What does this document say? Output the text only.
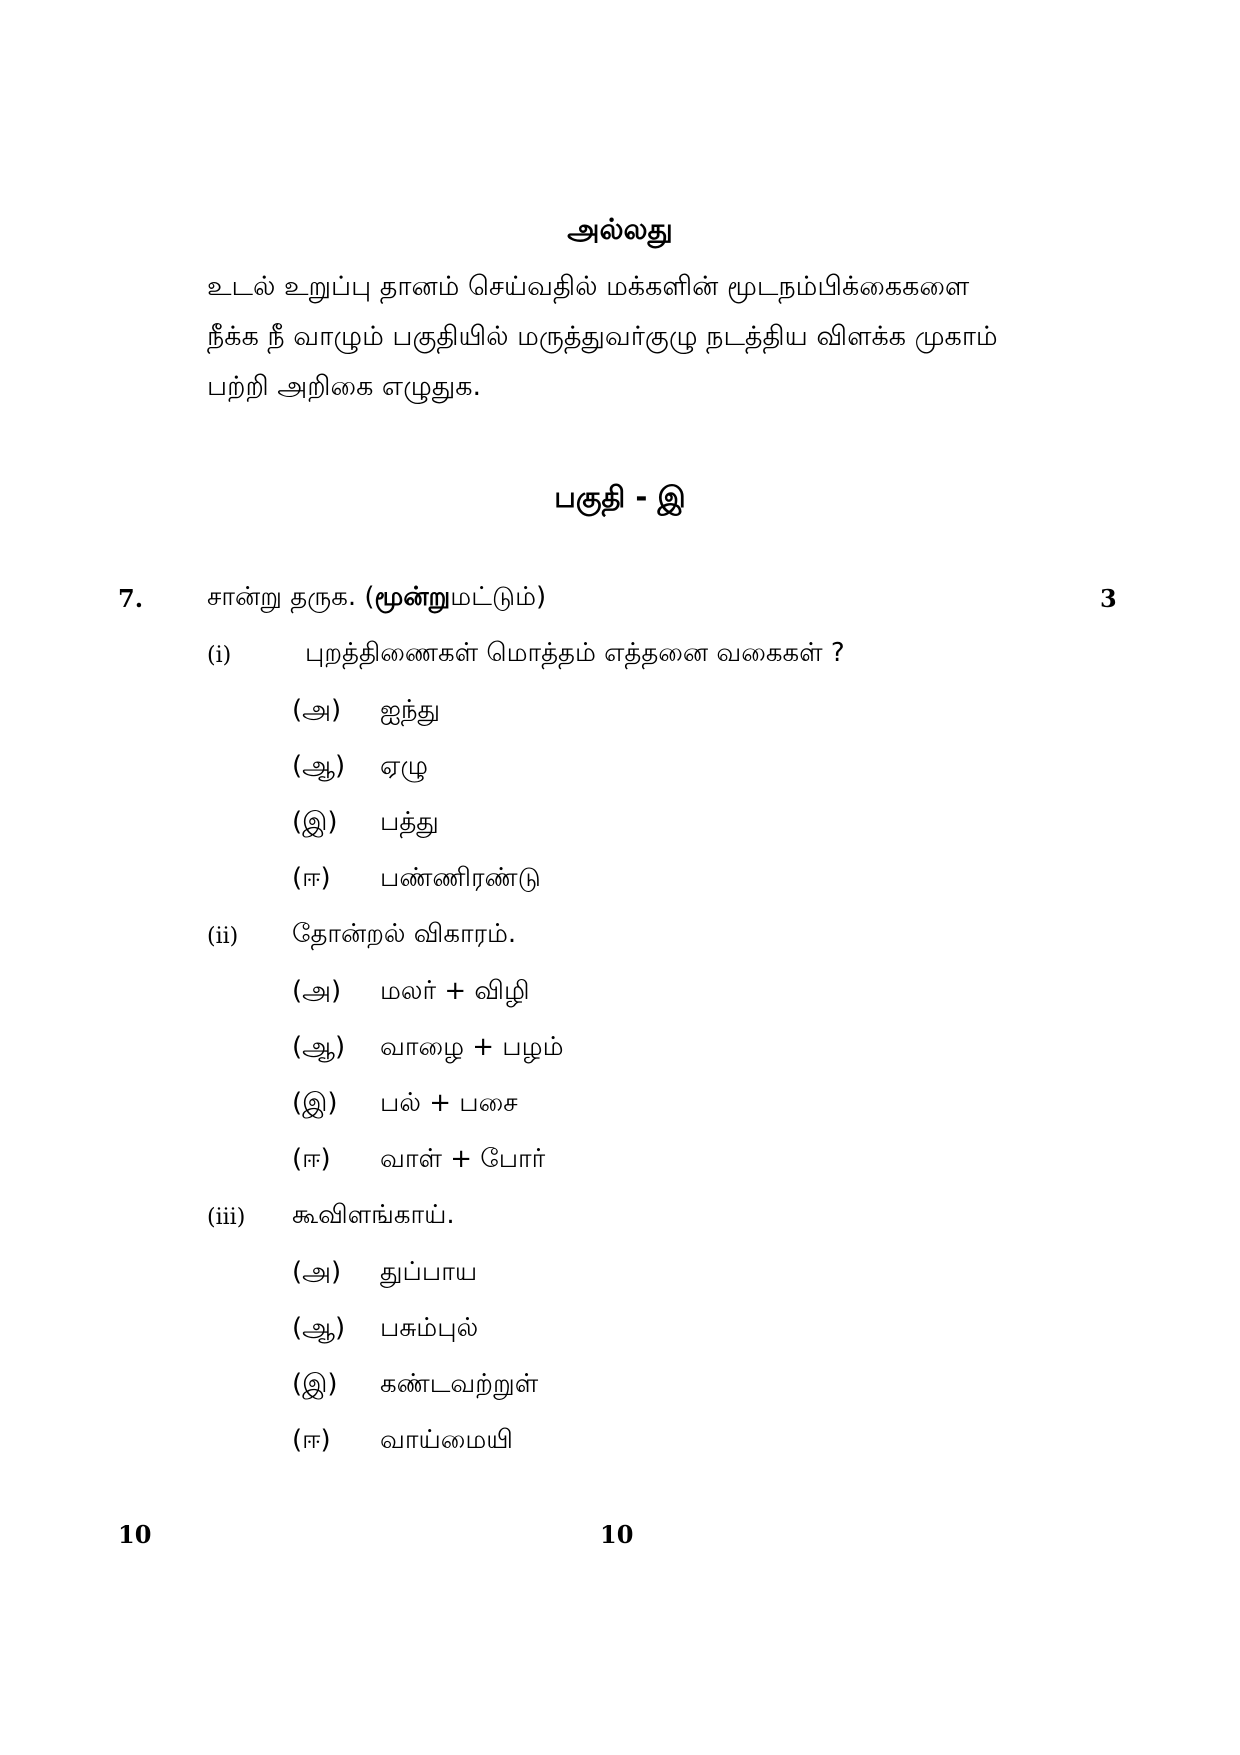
அல்லது
உடல் உறுப்பு தானம் செய்வதில் மக்களின் மூடநம்பிக்கைகளை
நீக்க நீ வாழும் பகுதியில் மருத்துவர்குழு நடத்திய விளக்க முகாம்
பற்றி அறிகை எழுதுக.
பகுதி - இ
7. சான்று தருக. (மூன்றுமட்டும்)	3
(i)	புறத்திணைகள் மொத்தம் எத்தனை வகைகள் ?
(அ) ஐந்து
(ஆ) ஏழு
(இ) பத்து
(ஈ) பண்ணிரண்டு
(ii) தோன்றல் விகாரம்.
(அ) மலர் + விழி
(ஆ) வாழை + பழம்
(இ) பல் + பசை
(ஈ) வாள் + போர்
(iii) கூவிளங்காய்.
(அ) துப்பாய
(ஆ) பசும்புல்
(இ) கண்டவற்றுள்
(ஈ) வாய்மையி
10	10
